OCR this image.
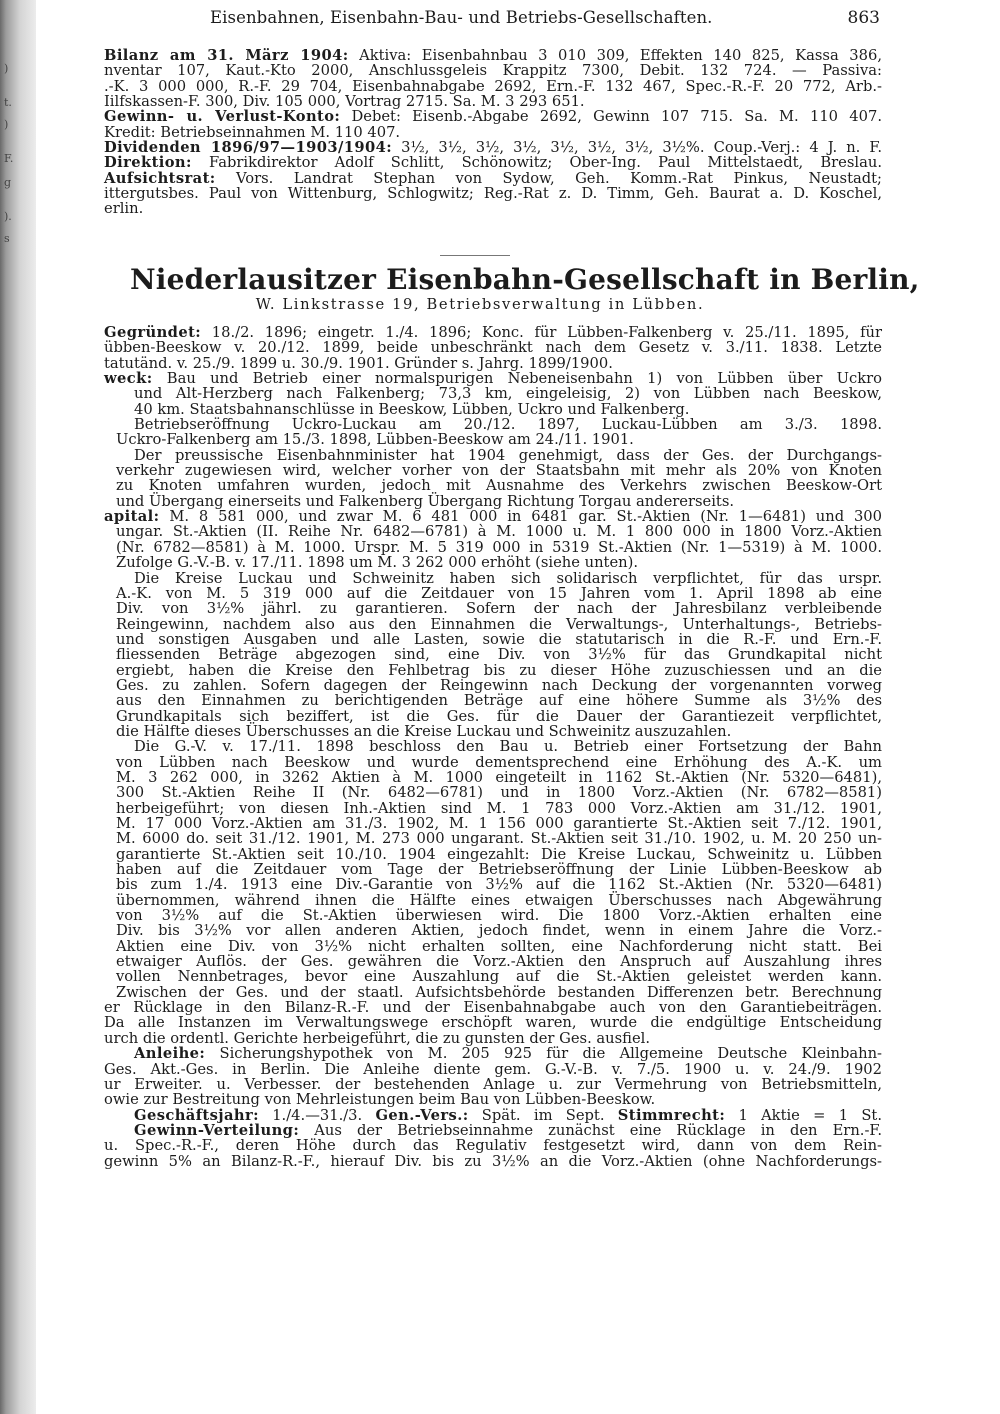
)
t.
)
F.
g
).
s
Eisenbahnen, Eisenbahn-Bau- und Betriebs-Gesellschaften.	863
Bilanz am 31. März 1904: Aktiva: Eisenbahnbau 3 010 309, Effekten 140 825, Kassa 386,
nventar 107, Kaut.-Kto 2000, Anschlussgeleis Krappitz 7300, Debit. 132 724. — Passiva:
.-K. 3 000 000, R.-F. 29 704, Eisenbahnabgabe 2692, Ern.-F. 132 467, Spec.-R.-F. 20 772, Arb.-
Iilfskassen-F. 300, Div. 105 000, Vortrag 2715. Sa. M. 3 293 651.
Gewinn- u. Verlust-Konto: Debet: Eisenb.-Abgabe 2692, Gewinn 107 715. Sa. M. 110 407.
Kredit: Betriebseinnahmen M. 110 407.
Dividenden 1896/97—1903/1904: 3½, 3½, 3½, 3½, 3½, 3½, 3½, 3½%. Coup.-Verj.: 4 J. n. F.
Direktion: Fabrikdirektor Adolf Schlitt, Schönowitz; Ober-Ing. Paul Mittelstaedt, Breslau.
Aufsichtsrat: Vors. Landrat Stephan von Sydow, Geh. Komm.-Rat Pinkus, Neustadt;
ittergutsbes. Paul von Wittenburg, Schlogwitz; Reg.-Rat z. D. Timm, Geh. Baurat a. D. Koschel,
erlin.
Niederlausitzer Eisenbahn-Gesellschaft in Berlin,
W. Linkstrasse 19, Betriebsverwaltung in Lübben.
Gegründet: 18./2. 1896; eingetr. 1./4. 1896; Konc. für Lübben-Falkenberg v. 25./11. 1895, für
übben-Beeskow v. 20./12. 1899, beide unbeschränkt nach dem Gesetz v. 3./11. 1838. Letzte
tatutänd. v. 25./9. 1899 u. 30./9. 1901. Gründer s. Jahrg. 1899/1900.
weck: Bau und Betrieb einer normalspurigen Nebeneisenbahn 1) von Lübben über Uckro
und Alt-Herzberg nach Falkenberg; 73,3 km, eingeleisig, 2) von Lübben nach Beeskow,
40 km. Staatsbahnanschlüsse in Beeskow, Lübben, Uckro und Falkenberg.
Betriebseröffnung Uckro-Luckau am 20./12. 1897, Luckau-Lübben am 3./3. 1898.
Uckro-Falkenberg am 15./3. 1898, Lübben-Beeskow am 24./11. 1901.
Der preussische Eisenbahnminister hat 1904 genehmigt, dass der Ges. der Durchgangs-
verkehr zugewiesen wird, welcher vorher von der Staatsbahn mit mehr als 20% von Knoten
zu Knoten umfahren wurden, jedoch mit Ausnahme des Verkehrs zwischen Beeskow-Ort
und Übergang einerseits und Falkenberg Übergang Richtung Torgau andererseits.
apital: M. 8 581 000, und zwar M. 6 481 000 in 6481 gar. St.-Aktien (Nr. 1—6481) und 300
ungar. St.-Aktien (II. Reihe Nr. 6482—6781) à M. 1000 u. M. 1 800 000 in 1800 Vorz.-Aktien
(Nr. 6782—8581) à M. 1000. Urspr. M. 5 319 000 in 5319 St.-Aktien (Nr. 1—5319) à M. 1000.
Zufolge G.-V.-B. v. 17./11. 1898 um M. 3 262 000 erhöht (siehe unten).
Die Kreise Luckau und Schweinitz haben sich solidarisch verpflichtet, für das urspr.
A.-K. von M. 5 319 000 auf die Zeitdauer von 15 Jahren vom 1. April 1898 ab eine
Div. von 3½% jährl. zu garantieren. Sofern der nach der Jahresbilanz verbleibende
Reingewinn, nachdem also aus den Einnahmen die Verwaltungs-, Unterhaltungs-, Betriebs-
und sonstigen Ausgaben und alle Lasten, sowie die statutarisch in die R.-F. und Ern.-F.
fliessenden Beträge abgezogen sind, eine Div. von 3½% für das Grundkapital nicht
ergiebt, haben die Kreise den Fehlbetrag bis zu dieser Höhe zuzuschiessen und an die
Ges. zu zahlen. Sofern dagegen der Reingewinn nach Deckung der vorgenannten vorweg
aus den Einnahmen zu berichtigenden Beträge auf eine höhere Summe als 3½% des
Grundkapitals sich beziffert, ist die Ges. für die Dauer der Garantiezeit verpflichtet,
die Hälfte dieses Überschusses an die Kreise Luckau und Schweinitz auszuzahlen.
Die G.-V. v. 17./11. 1898 beschloss den Bau u. Betrieb einer Fortsetzung der Bahn
von Lübben nach Beeskow und wurde dementsprechend eine Erhöhung des A.-K. um
M. 3 262 000, in 3262 Aktien à M. 1000 eingeteilt in 1162 St.-Aktien (Nr. 5320—6481),
300 St.-Aktien Reihe II (Nr. 6482—6781) und in 1800 Vorz.-Aktien (Nr. 6782—8581)
herbeigeführt; von diesen Inh.-Aktien sind M. 1 783 000 Vorz.-Aktien am 31./12. 1901,
M. 17 000 Vorz.-Aktien am 31./3. 1902, M. 1 156 000 garantierte St.-Aktien seit 7./12. 1901,
M. 6000 do. seit 31./12. 1901, M. 273 000 ungarant. St.-Aktien seit 31./10. 1902, u. M. 20 250 un-
garantierte St.-Aktien seit 10./10. 1904 eingezahlt: Die Kreise Luckau, Schweinitz u. Lübben
haben auf die Zeitdauer vom Tage der Betriebseröffnung der Linie Lübben-Beeskow ab
bis zum 1./4. 1913 eine Div.-Garantie von 3½% auf die 1162 St.-Aktien (Nr. 5320—6481)
übernommen, während ihnen die Hälfte eines etwaigen Überschusses nach Abgewährung
von 3½% auf die St.-Aktien überwiesen wird. Die 1800 Vorz.-Aktien erhalten eine
Div. bis 3½% vor allen anderen Aktien, jedoch findet, wenn in einem Jahre die Vorz.-
Aktien eine Div. von 3½% nicht erhalten sollten, eine Nachforderung nicht statt. Bei
etwaiger Auflös. der Ges. gewähren die Vorz.-Aktien den Anspruch auf Auszahlung ihres
vollen Nennbetrages, bevor eine Auszahlung auf die St.-Aktien geleistet werden kann.
Zwischen der Ges. und der staatl. Aufsichtsbehörde bestanden Differenzen betr. Berechnung
er Rücklage in den Bilanz-R.-F. und der Eisenbahnabgabe auch von den Garantiebeiträgen.
Da alle Instanzen im Verwaltungswege erschöpft waren, wurde die endgültige Entscheidung
urch die ordentl. Gerichte herbeigeführt, die zu gunsten der Ges. ausfiel.
Anleihe: Sicherungshypothek von M. 205 925 für die Allgemeine Deutsche Kleinbahn-
Ges. Akt.-Ges. in Berlin. Die Anleihe diente gem. G.-V.-B. v. 7./5. 1900 u. v. 24./9. 1902
ur Erweiter. u. Verbesser. der bestehenden Anlage u. zur Vermehrung von Betriebsmitteln,
owie zur Bestreitung von Mehrleistungen beim Bau von Lübben-Beeskow.
Geschäftsjahr: 1./4.—31./3. Gen.-Vers.: Spät. im Sept. Stimmrecht: 1 Aktie = 1 St.
Gewinn-Verteilung: Aus der Betriebseinnahme zunächst eine Rücklage in den Ern.-F.
u. Spec.-R.-F., deren Höhe durch das Regulativ festgesetzt wird, dann von dem Rein-
gewinn 5% an Bilanz-R.-F., hierauf Div. bis zu 3½% an die Vorz.-Aktien (ohne Nachforderungs-
